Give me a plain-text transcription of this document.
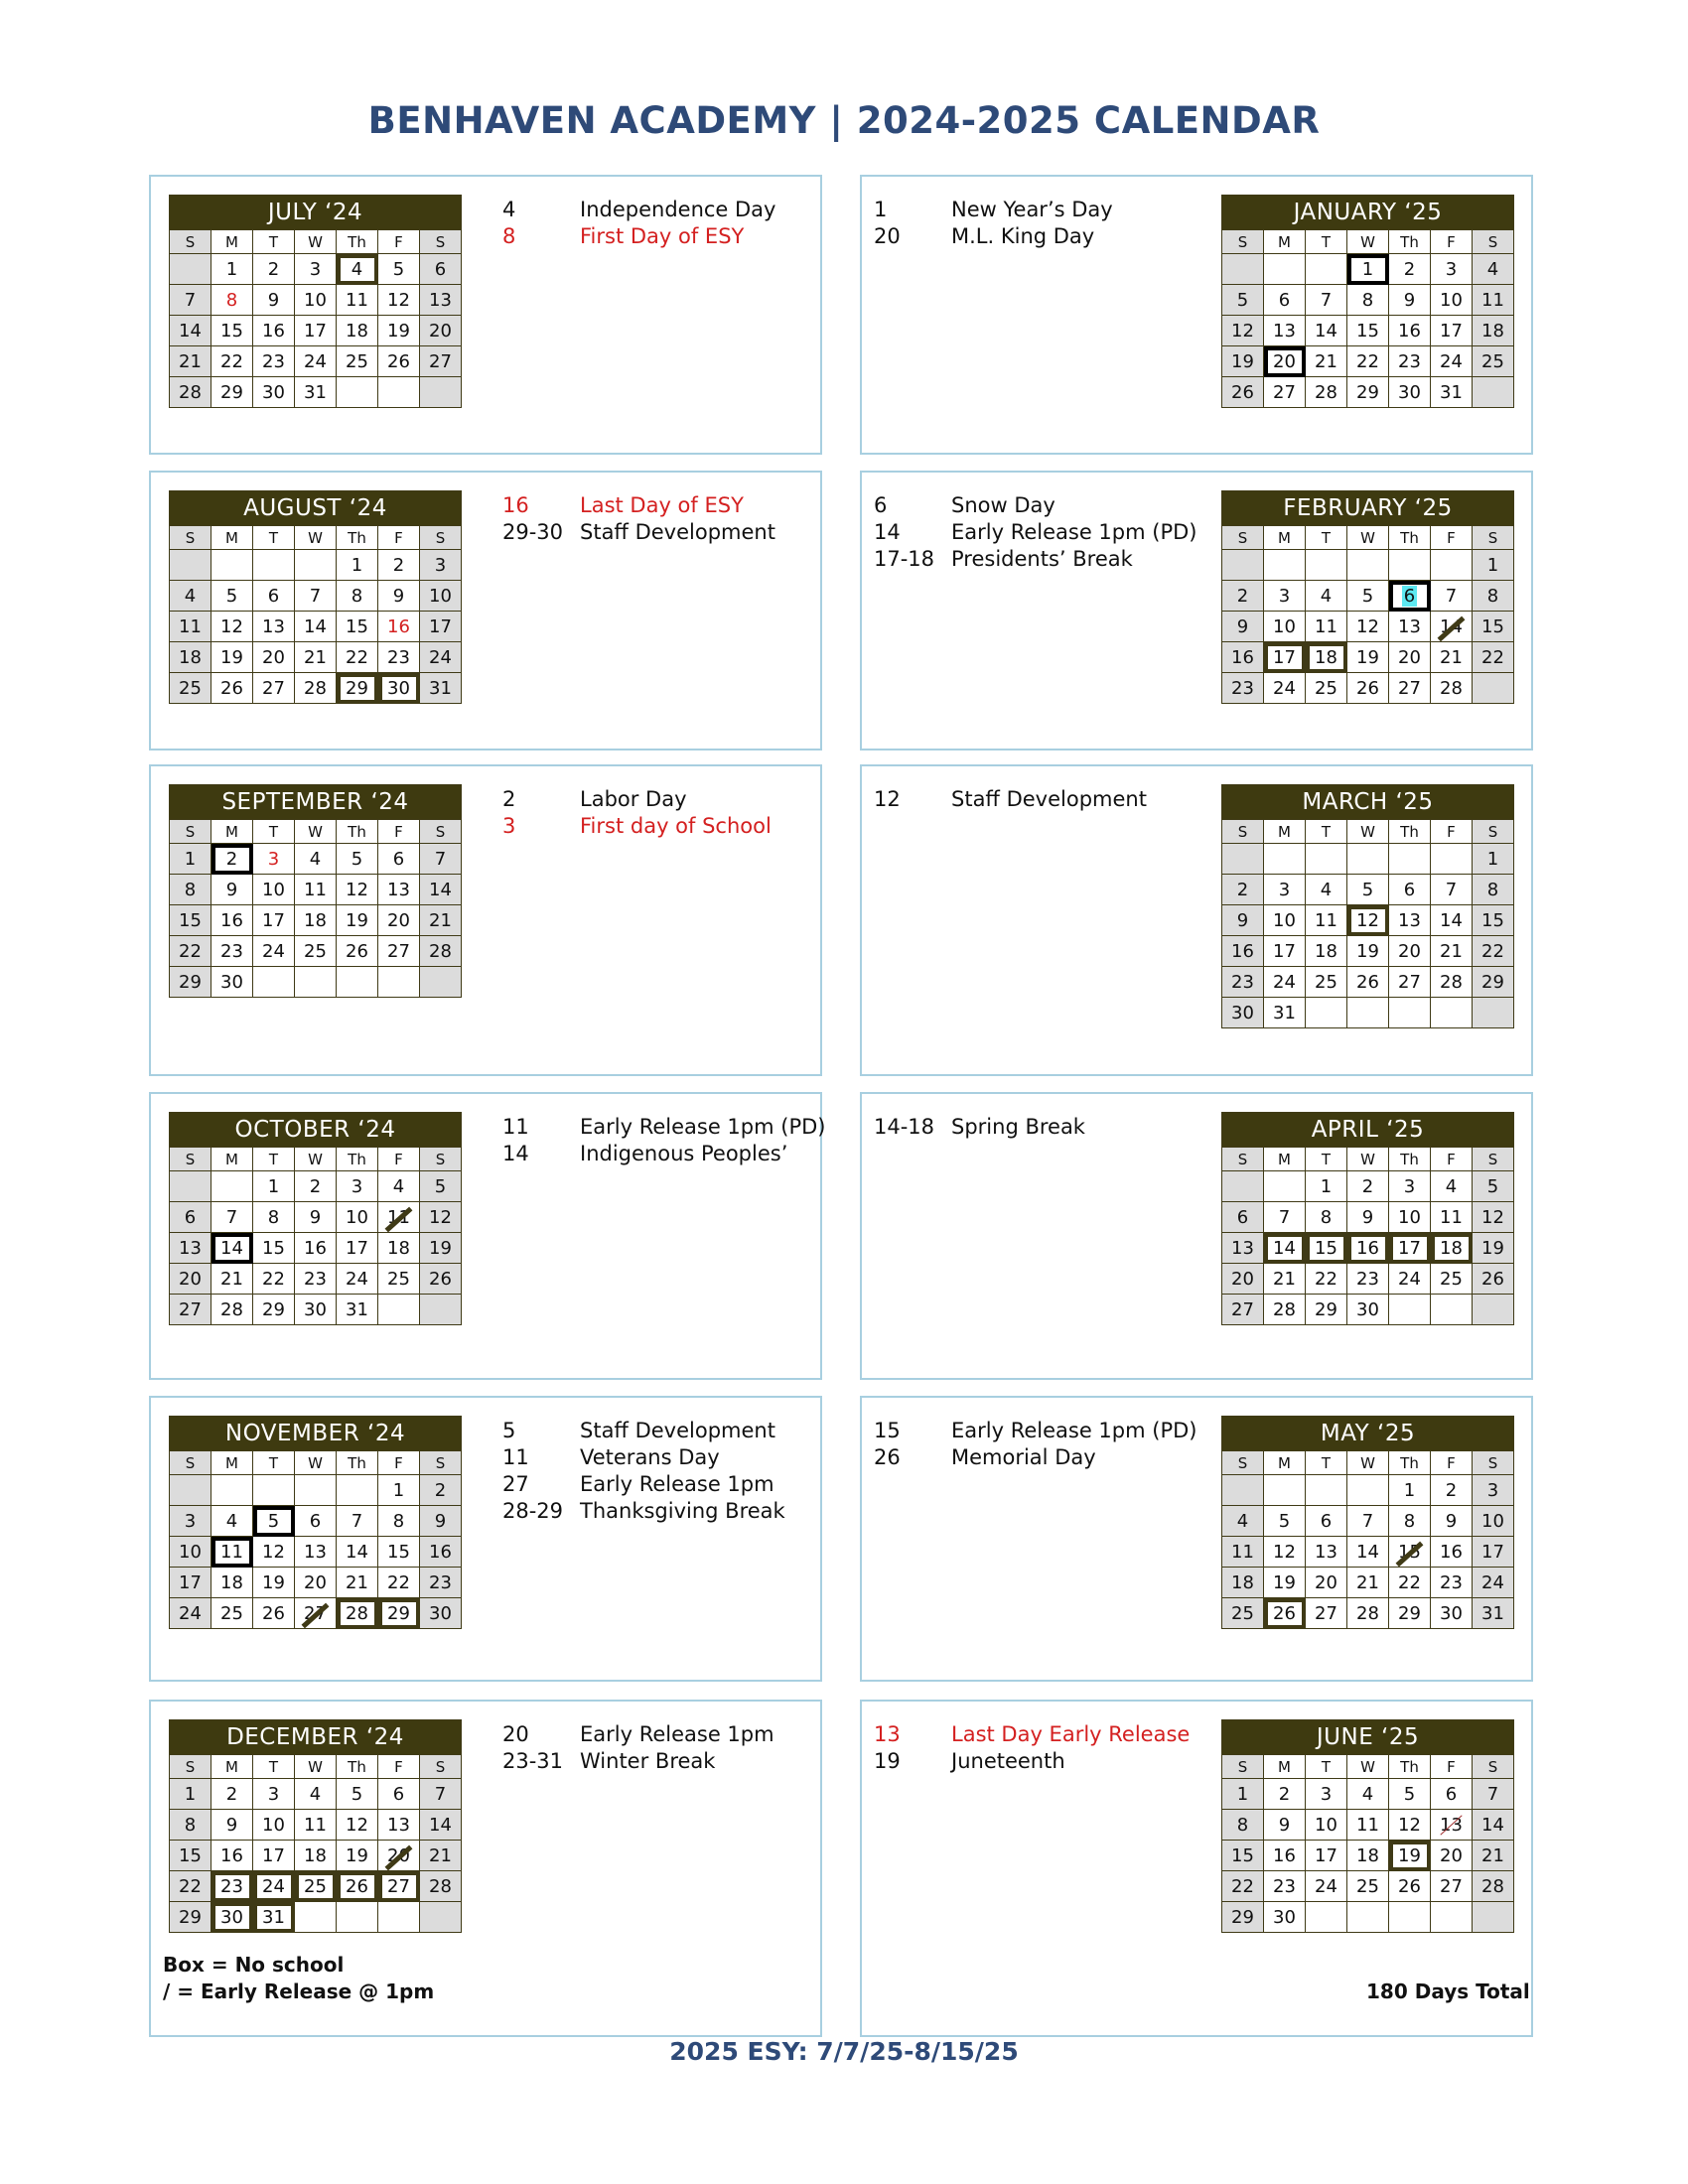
BENHAVEN ACADEMY | 2024-2025 CALENDAR
JULY ‘24						
S	M	T	W	Th	F	S
	1	2	3	4	5	6
7	8	9	10	11	12	13
14	15	16	17	18	19	20
21	22	23	24	25	26	27
28	29	30	31			
4	Independence Day
8	First Day of ESY
JANUARY ‘25						
S	M	T	W	Th	F	S
			1	2	3	4
5	6	7	8	9	10	11
12	13	14	15	16	17	18
19	20	21	22	23	24	25
26	27	28	29	30	31	
1	New Year’s Day
20 M.L. King Day
AUGUST ‘24						
S	M	T	W	Th	F	S
				1	2	3
4	5	6	7	8	9	10
11	12	13	14	15	16	17
18	19	20	21	22	23	24
25	26	27	28	29	30	31
16 Last Day of ESY
29-30 Staff Development
FEBRUARY ‘25						
S	M	T	W	Th	F	S
						1
2	3	4	5	6	7	8
9	10	11	12	13	14	15
16	17	18	19	20	21	22
23	24	25	26	27	28	
6	Snow Day
14 Early Release 1pm (PD)
17-18 Presidents’ Break
SEPTEMBER ‘24						
S	M	T	W	Th	F	S
1	2	3	4	5	6	7
8	9	10	11	12	13	14
15	16	17	18	19	20	21
22	23	24	25	26	27	28
29	30					
2	Labor Day
3	First day of School
MARCH ‘25						
S	M	T	W	Th	F	S
						1
2	3	4	5	6	7	8
9	10	11	12	13	14	15
16	17	18	19	20	21	22
23	24	25	26	27	28	29
30	31					
12 Staff Development
OCTOBER ‘24						
S	M	T	W	Th	F	S
		1	2	3	4	5
6	7	8	9	10	11	12
13	14	15	16	17	18	19
20	21	22	23	24	25	26
27	28	29	30	31		
11 Early Release 1pm (PD)
14 Indigenous Peoples’
APRIL ‘25						
S	M	T	W	Th	F	S
		1	2	3	4	5
6	7	8	9	10	11	12
13	14	15	16	17	18	19
20	21	22	23	24	25	26
27	28	29	30			
14-18 Spring Break
NOVEMBER ‘24						
S	M	T	W	Th	F	S
					1	2
3	4	5	6	7	8	9
10	11	12	13	14	15	16
17	18	19	20	21	22	23
24	25	26	27	28	29	30
5	Staff Development
11 Veterans Day
27 Early Release 1pm
28-29 Thanksgiving Break
MAY ‘25						
S	M	T	W	Th	F	S
				1	2	3
4	5	6	7	8	9	10
11	12	13	14	15	16	17
18	19	20	21	22	23	24
25	26	27	28	29	30	31
15 Early Release 1pm (PD)
26 Memorial Day
DECEMBER ‘24						
S	M	T	W	Th	F	S
1	2	3	4	5	6	7
8	9	10	11	12	13	14
15	16	17	18	19	20	21
22	23	24	25	26	27	28
29	30	31				
20 Early Release 1pm
23-31 Winter Break
JUNE ‘25						
S	M	T	W	Th	F	S
1	2	3	4	5	6	7
8	9	10	11	12	13	14
15	16	17	18	19	20	21
22	23	24	25	26	27	28
29	30					
13 Last Day Early Release
19 Juneteenth
Box = No school
/ = Early Release @ 1pm	180 Days Total
2025 ESY: 7/7/25-8/15/25
